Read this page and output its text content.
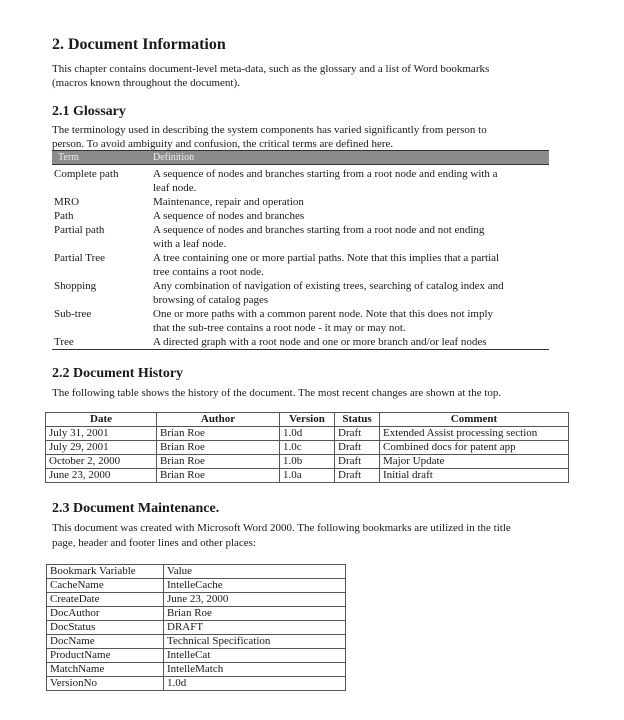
2. Document Information

This chapter contains document-level meta-data, such as the glossary and a list of Word bookmarks

(macros known throughout the document).

2.1 Glossary

The terminology used in describing the system components has varied significantly from person to

person. To avoid ambiguity and confusion, the critical terms are defined here.

Term	Definition
Complete path	A sequence of nodes and branches starting from a root node and ending with a
leaf node.
MRO	Maintenance, repair and operation
Path	A sequence of nodes and branches
Partial path	A sequence of nodes and branches starting from a root node and not ending
with a leaf node.
Partial Tree	A tree containing one or more partial paths. Note that this implies that a partial
tree contains a root node.
Shopping	Any combination of navigation of existing trees, searching of catalog index and
browsing of catalog pages
Sub-tree	One or more paths with a common parent node. Note that this does not imply
that the sub-tree contains a root node - it may or may not.
Tree	A directed graph with a root node and one or more branch and/or leaf nodes
2.2 Document History

The following table shows the history of the document. The most recent changes are shown at the top.

Date	Author	Version	Status	Comment
July 31, 2001	Brian Roe	1.0d	Draft	Extended Assist processing section
July 29, 2001	Brian Roe	1.0c	Draft	Combined docs for patent app
October 2, 2000	Brian Roe	1.0b	Draft	Major Update
June 23, 2000	Brian Roe	1.0a	Draft	Initial draft
2.3 Document Maintenance.

This document was created with Microsoft Word 2000. The following bookmarks are utilized in the title

page, header and footer lines and other places:

Bookmark Variable	Value
CacheName	IntelleCache
CreateDate	June 23, 2000
DocAuthor	Brian Roe
DocStatus	DRAFT
DocName	Technical Specification
ProductName	IntelleCat
MatchName	IntelleMatch
VersionNo	1.0d
